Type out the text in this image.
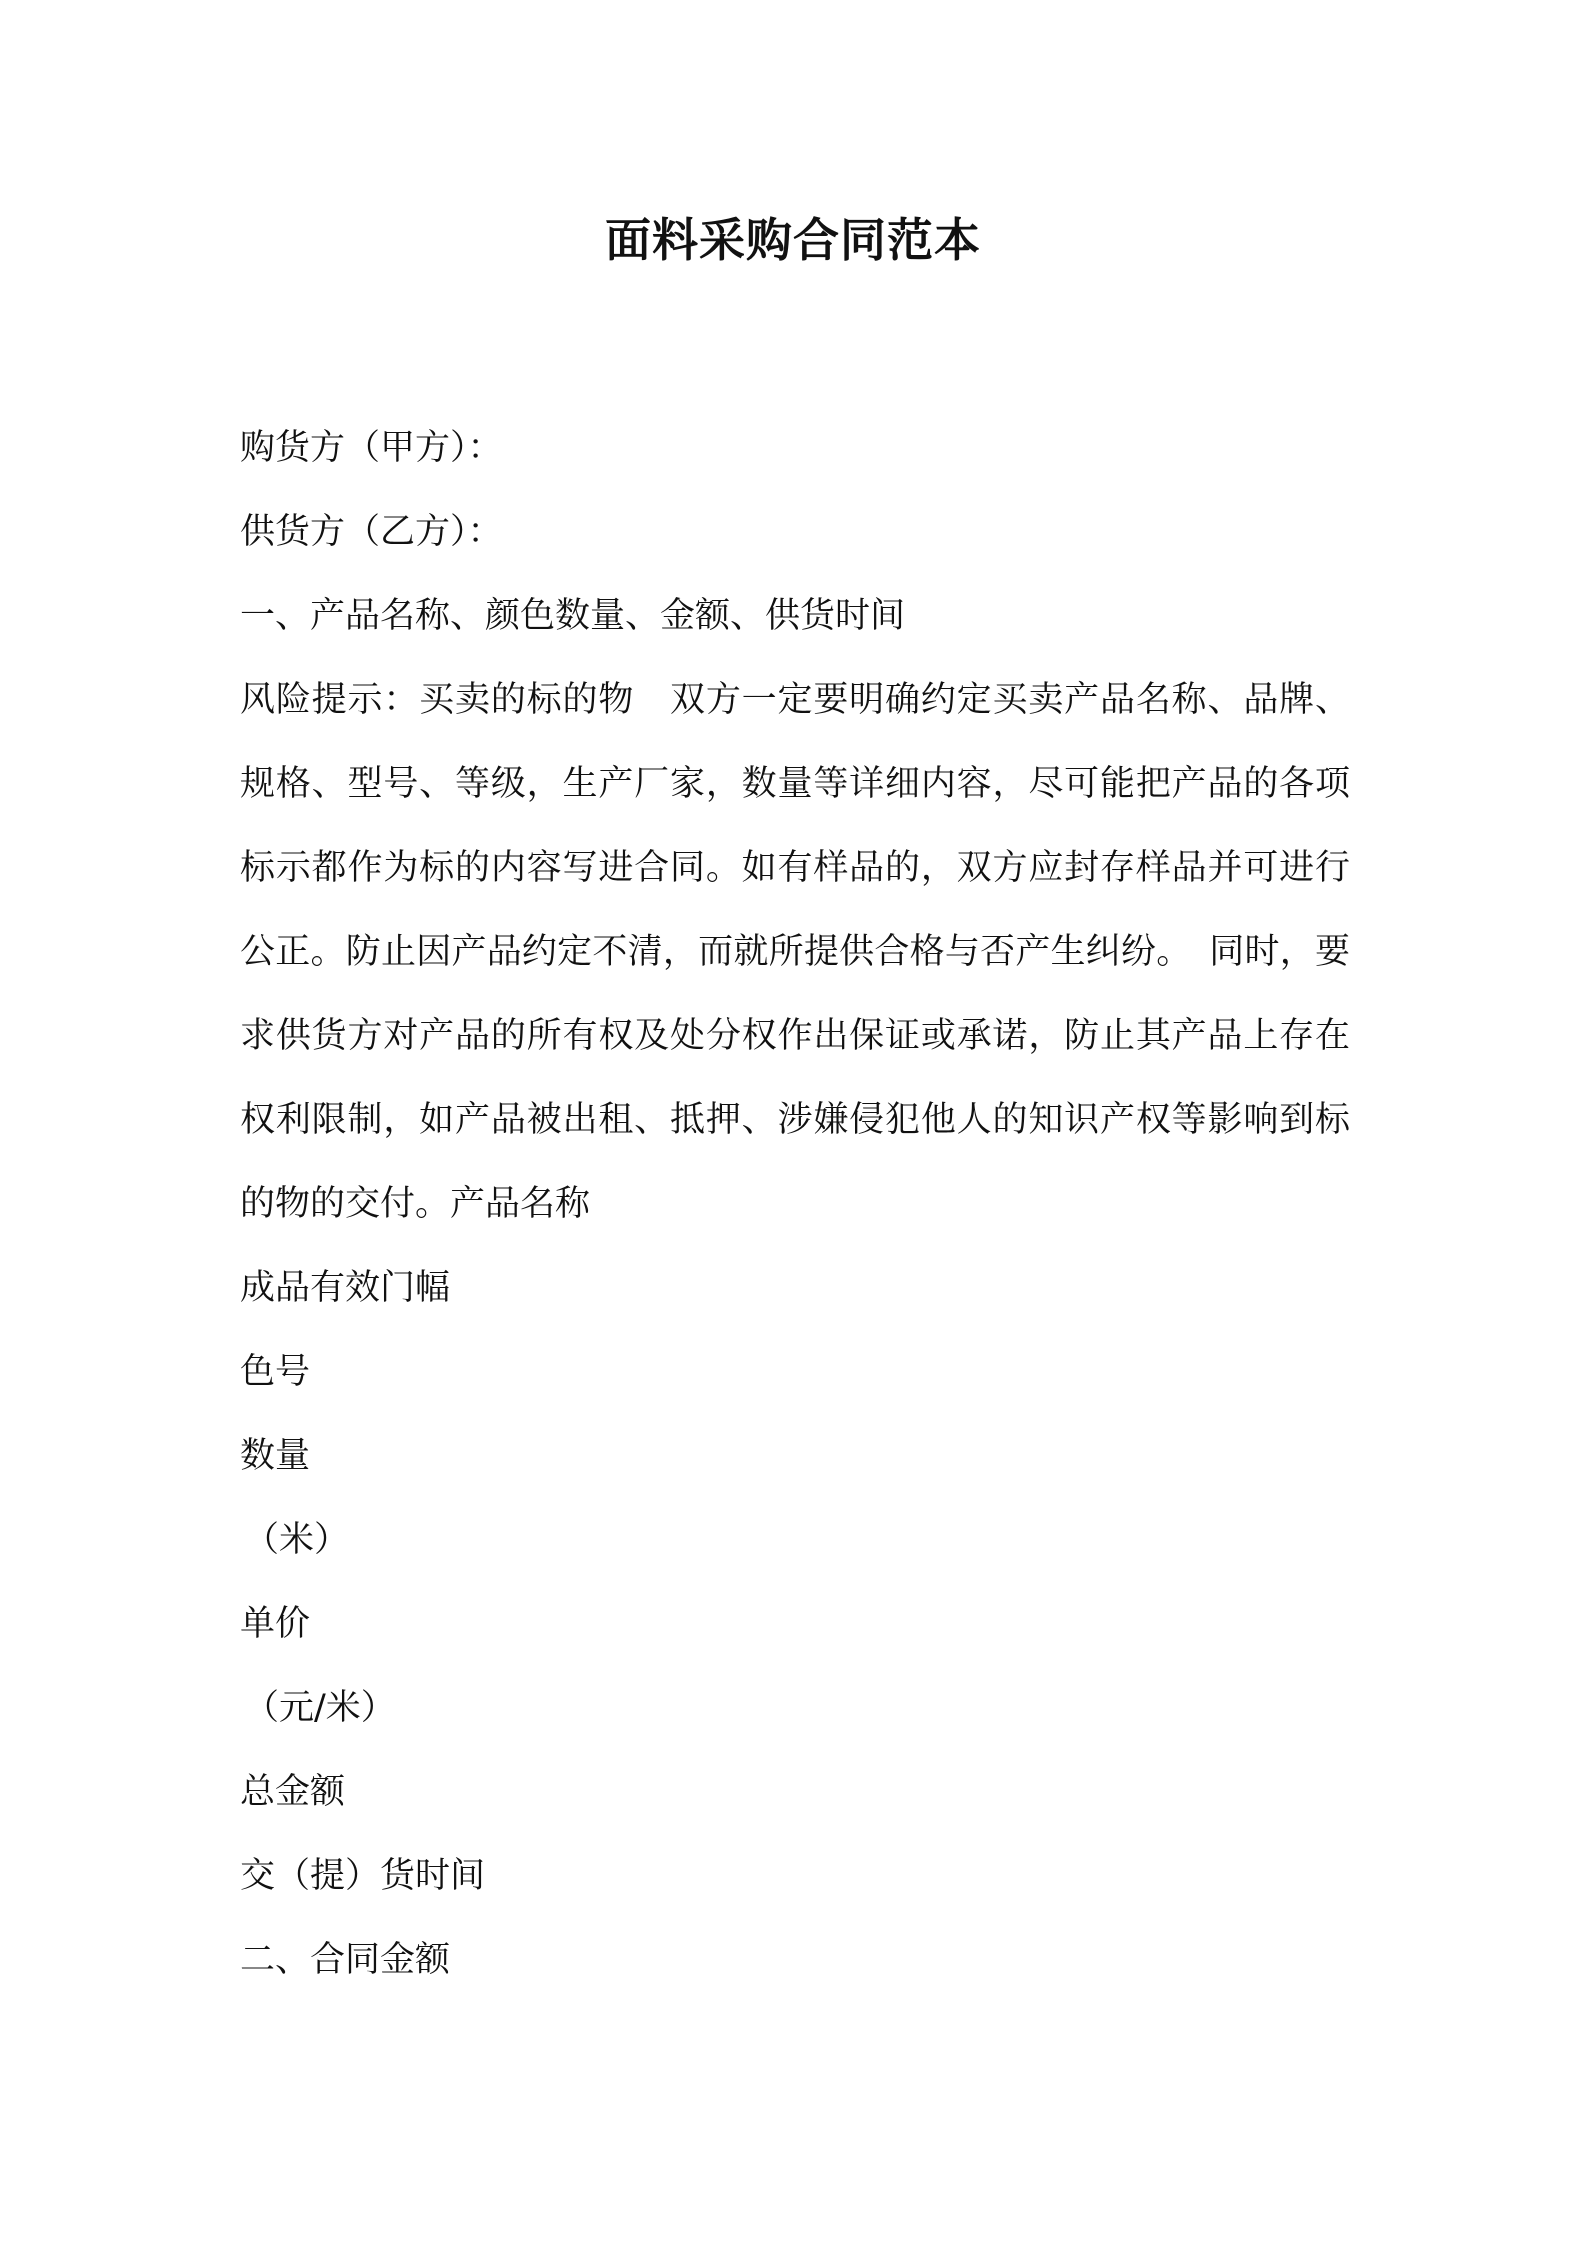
面料采购合同范本
购货方（甲方）：
供货方（乙方）：
一、产品名称、颜色数量、金额、供货时间
风险提示：买卖的标的物　双方一定要明确约定买卖产品名称、品牌、规格、型号、等级，生产厂家，数量等详细内容，尽可能把产品的各项标示都作为标的内容写进合同。如有样品的，双方应封存样品并可进行公正。防止因产品约定不清，而就所提供合格与否产生纠纷。　同时，要求供货方对产品的所有权及处分权作出保证或承诺，防止其产品上存在权利限制，如产品被出租、抵押、涉嫌侵犯他人的知识产权等影响到标的物的交付。产品名称
成品有效门幅
色号
数量
（米）
单价
（元/米）
总金额
交（提）货时间
二、合同金额
